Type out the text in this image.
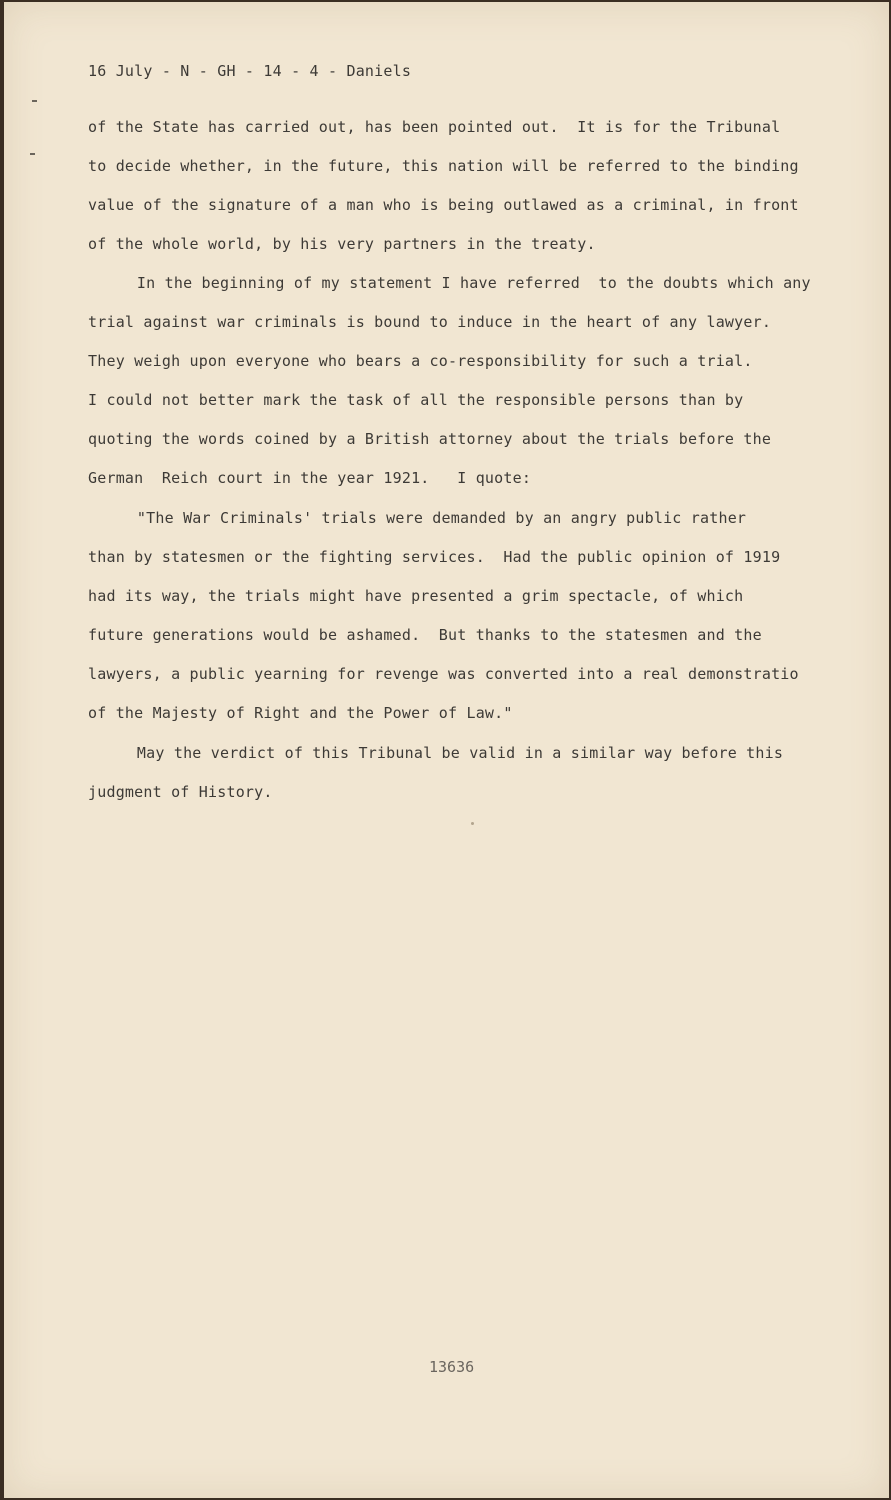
16 July - N - GH - 14 - 4 - Daniels
of the State has carried out, has been pointed out.  It is for the Tribunal
to decide whether, in the future, this nation will be referred to the binding
value of the signature of a man who is being outlawed as a criminal, in front
of the whole world, by his very partners in the treaty.
In the beginning of my statement I have referred  to the doubts which any
trial against war criminals is bound to induce in the heart of any lawyer.
They weigh upon everyone who bears a co-responsibility for such a trial.
I could not better mark the task of all the responsible persons than by
quoting the words coined by a British attorney about the trials before the
German  Reich court in the year 1921.   I quote:
"The War Criminals' trials were demanded by an angry public rather
than by statesmen or the fighting services.  Had the public opinion of 1919
had its way, the trials might have presented a grim spectacle, of which
future generations would be ashamed.  But thanks to the statesmen and the
lawyers, a public yearning for revenge was converted into a real demonstratio
of the Majesty of Right and the Power of Law."
May the verdict of this Tribunal be valid in a similar way before this
judgment of History.
13636
